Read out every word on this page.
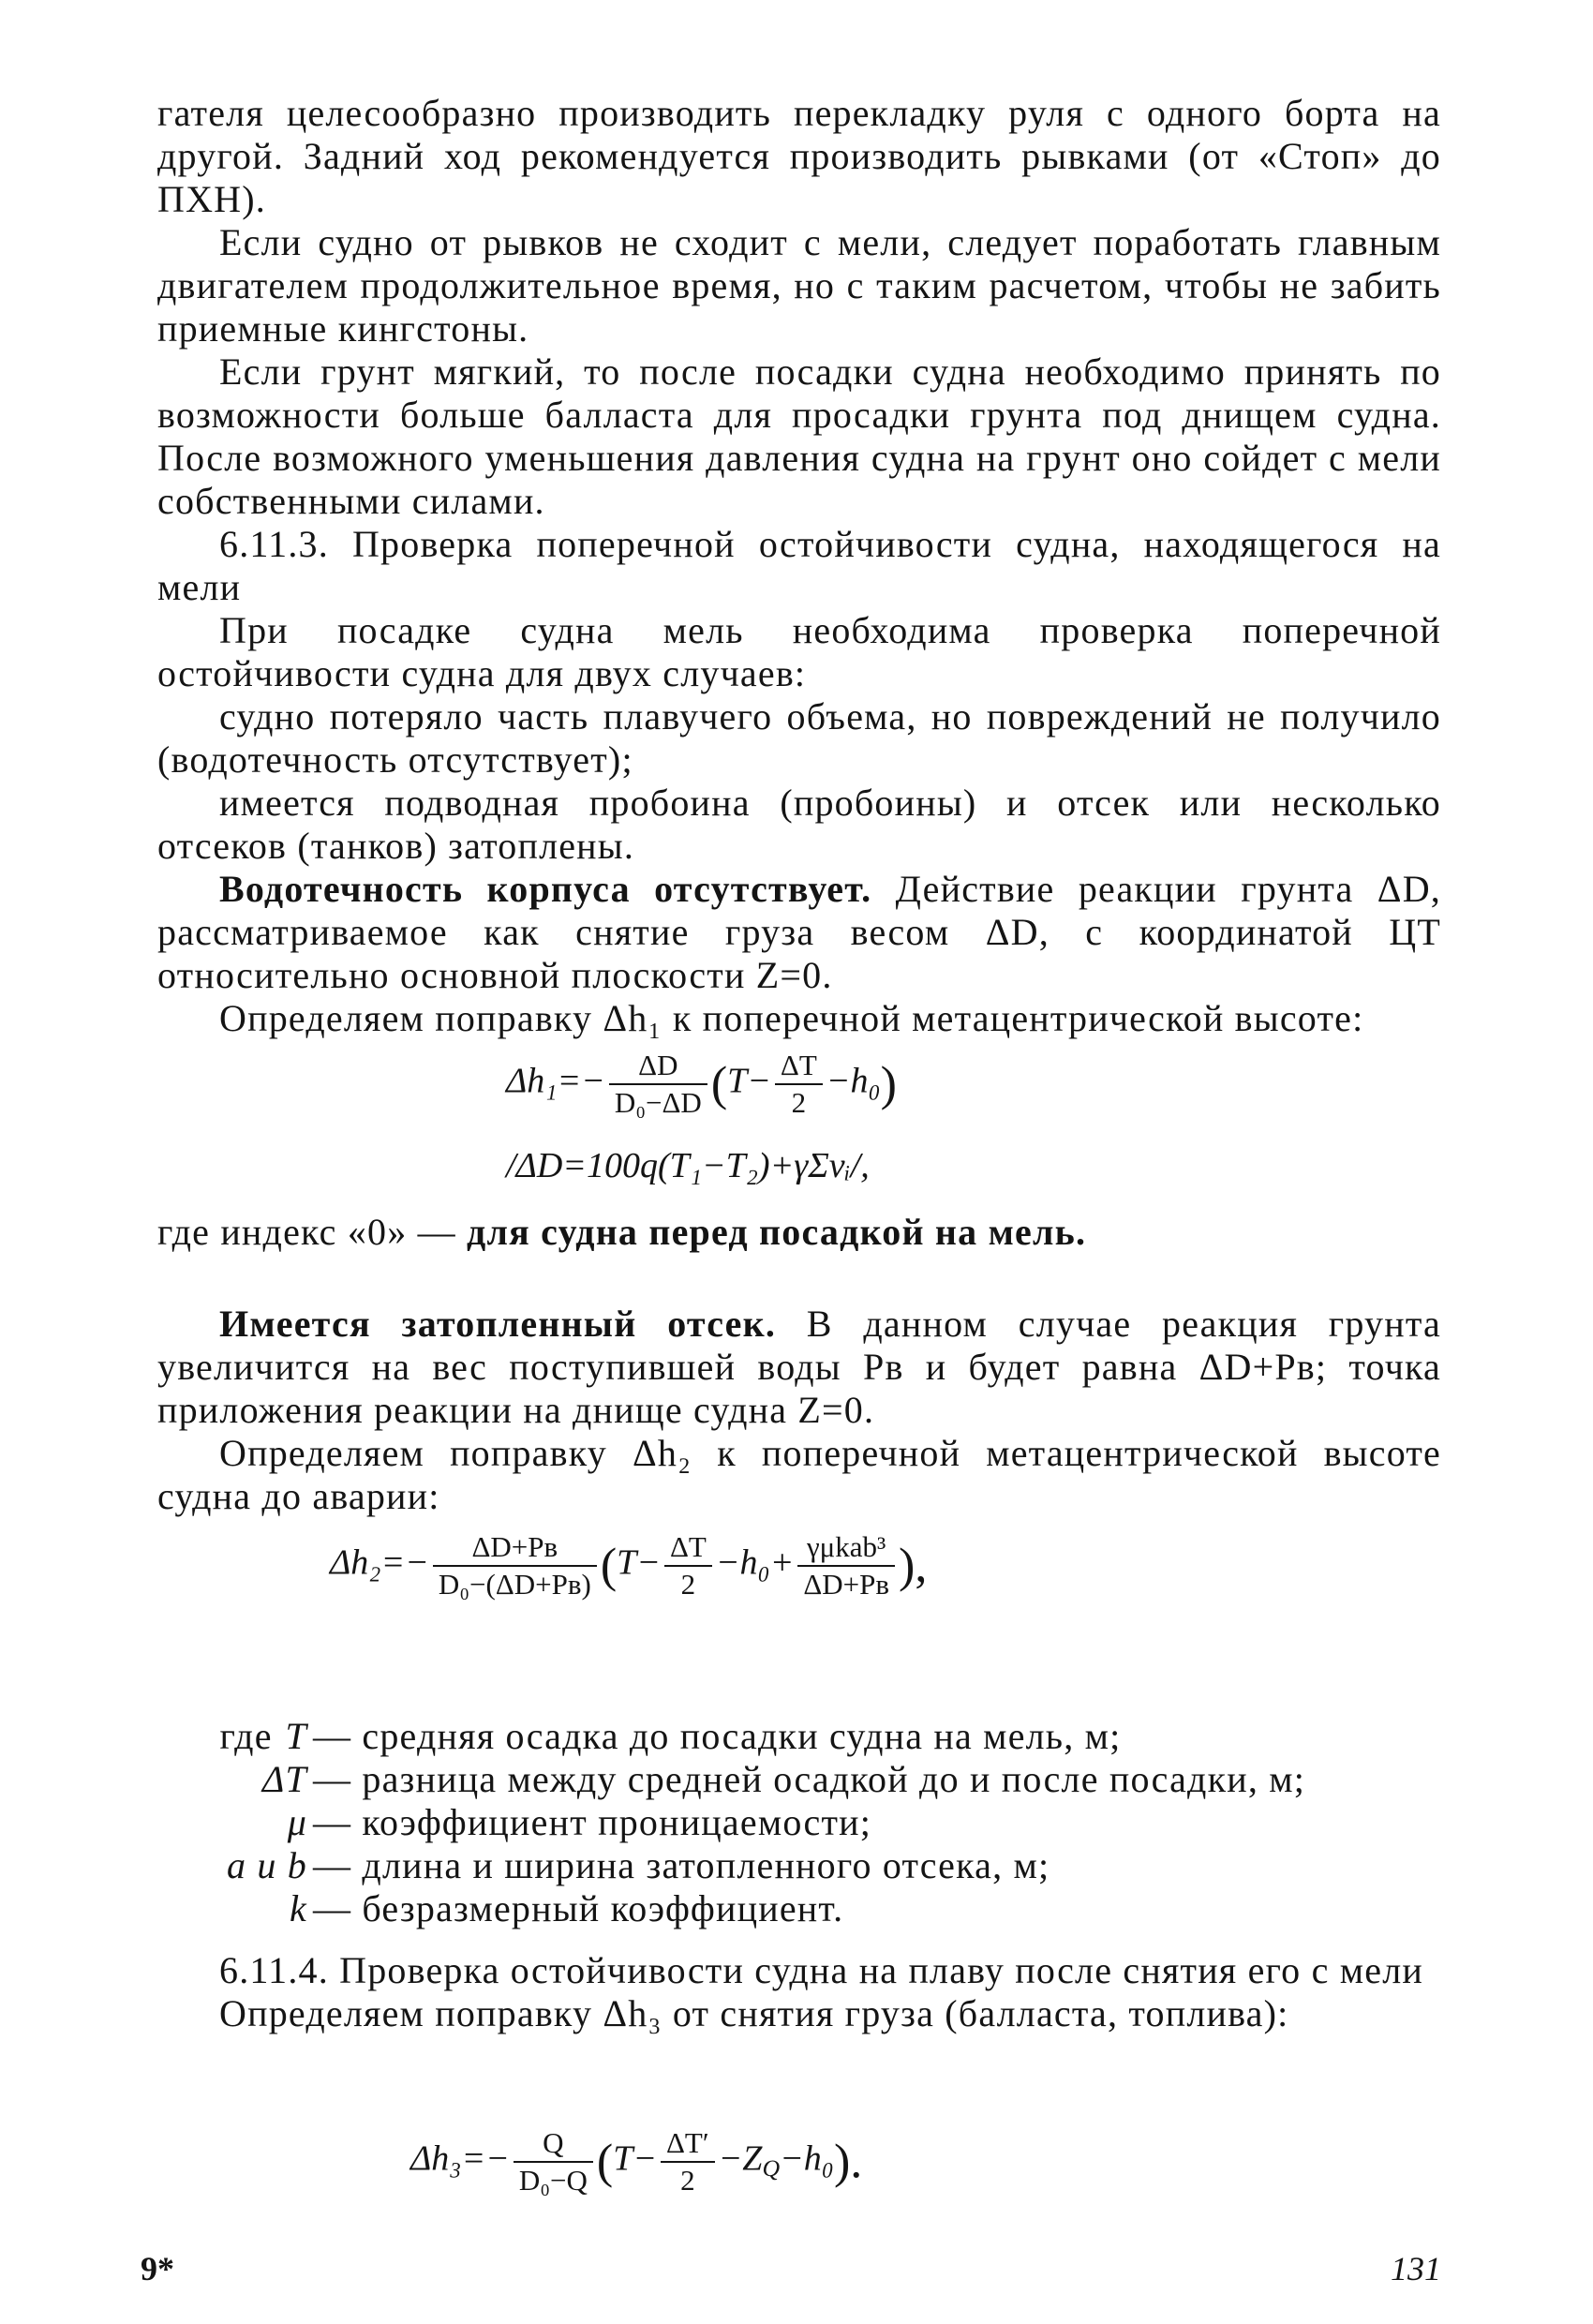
гателя целесообразно производить перекладку руля с одного борта на другой. Задний ход рекомендуется производить рывками (от «Стоп» до ПХН).

Если судно от рывков не сходит с мели, следует поработать главным двигателем продолжительное время, но с таким расчетом, чтобы не забить приемные кингстоны.

Если грунт мягкий, то после посадки судна необходимо принять по возможности больше балласта для просадки грунта под днищем судна. После возможного уменьшения давления судна на грунт оно сойдет с мели собственными силами.

6.11.3. Проверка поперечной остойчивости судна, находящегося на мели

При посадке судна мель необходима проверка поперечной остойчивости судна для двух случаев:

судно потеряло часть плавучего объема, но повреждений не получило (водотечность отсутствует);

имеется подводная пробоина (пробоины) и отсек или несколько отсеков (танков) затоплены.

Водотечность корпуса отсутствует. Действие реакции грунта ΔD, рассматриваемое как снятие груза весом ΔD, с координатой ЦТ относительно основной плоскости Z=0.

Определяем поправку Δh₁ к поперечной метацентрической высоте:

$\Delta h_1=- \frac{\Delta D}{\text{D₀−ΔD}} (T- \frac{\Delta T}{2} -h_0)$
/ΔD=100q(T₁−T₂)+γΣvᵢ/,

где индекс «0» — для судна перед посадкой на мель.

Имеется затопленный отсек. В данном случае реакция грунта увеличится на вес поступившей воды Pв и будет равна ΔD+Pв; точка приложения реакции на днище судна Z=0.

Определяем поправку Δh₂ к поперечной метацентрической высоте судна до аварии:

$\Delta h_2=- \frac{\Delta D+Pв}{\text{D₀−(ΔD+Pв)}} (T- \frac{\Delta T}{2} -h_0+ \frac{\text{γμkab³}}{\Delta D+Pв}$ ),
где T — средняя осадка до посадки судна на мель, м;
ΔT — разница между средней осадкой до и после посадки, м;
μ — коэффициент проницаемости;
a и b — длина и ширина затопленного отсека, м;
k — безразмерный коэффициент.

6.11.4. Проверка остойчивости судна на плаву после снятия его с мели

Определяем поправку Δh₃ от снятия груза (балласта, топлива):

$\Delta h_3=- \frac{Q}{\text{D₀−Q}} (T- \frac{\Delta T'}{2} -Z_Q-h_0)$.
9*	131
